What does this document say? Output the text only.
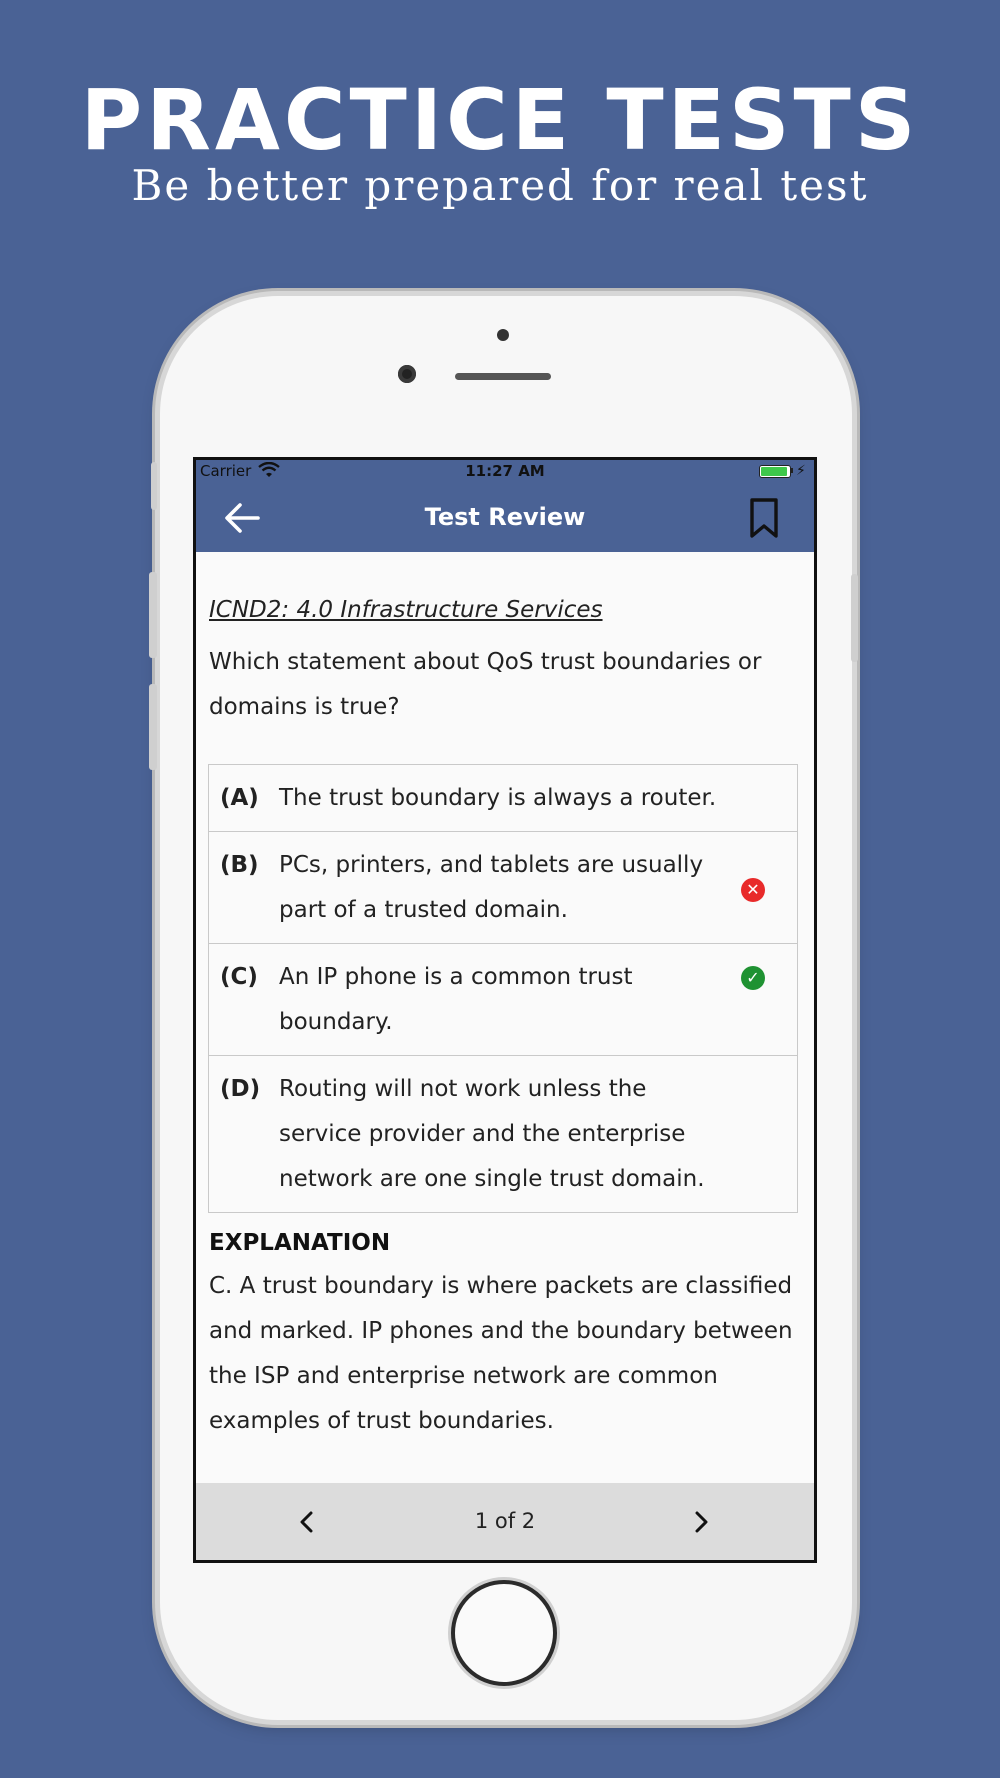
PRACTICE TESTS
Be better prepared for real test
Carrier	11:27 AM	⚡
Test Review
ICND2: 4.0 Infrastructure Services
Which statement about QoS trust boundaries or domains is true?
(A) The trust boundary is always a router.
(B) PCs, printers, and tablets are usually part of a trusted domain.
✕
(C) An IP phone is a common trust boundary.
✓
(D) Routing will not work unless the service provider and the enterprise network are one single trust domain.
EXPLANATION
C. A trust boundary is where packets are classified and marked. IP phones and the boundary between the ISP and enterprise network are common examples of trust boundaries.
1 of 2
